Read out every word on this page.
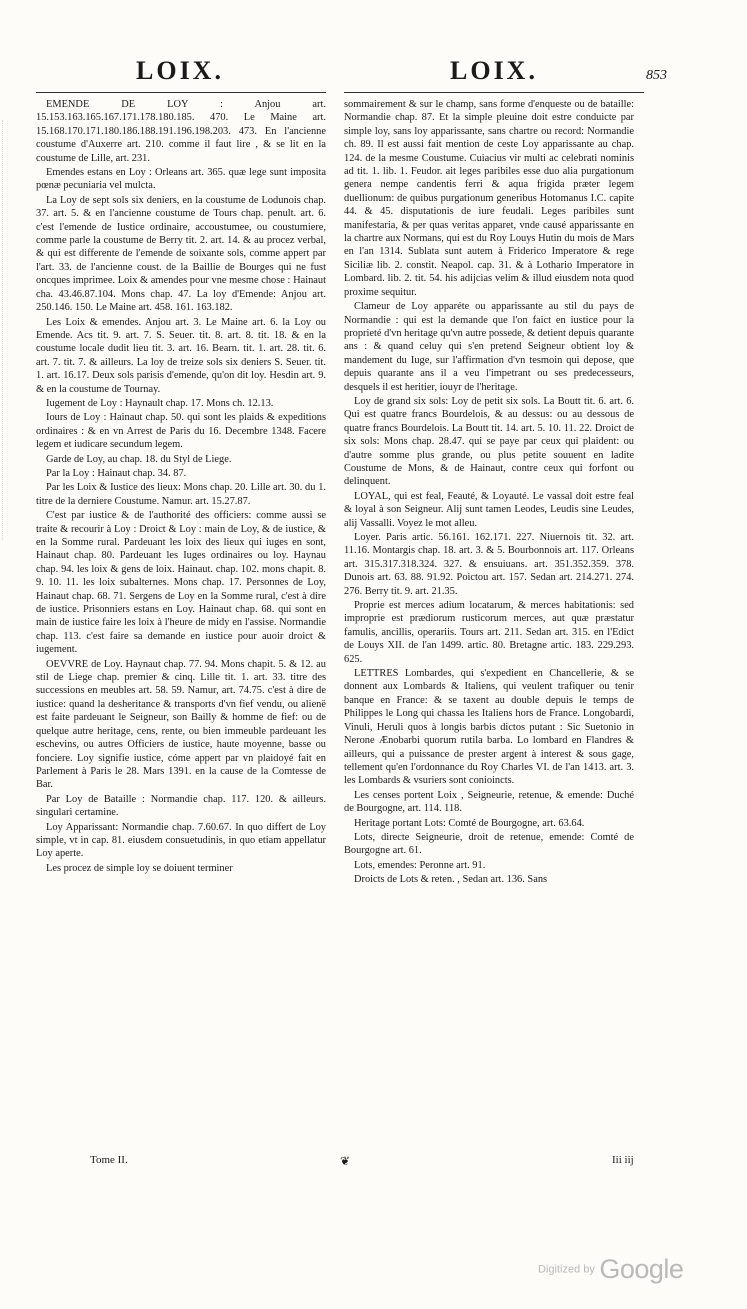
LOIX.	LOIX.	853

EMENDE DE LOY : Anjou art. 15.153.163.165.167.171.178.180.185. 470. Le Maine art. 15.168.170.171.180.186.188.191.196.198.203. 473. En l'ancienne coustume d'Auxerre art. 210. comme il faut lire , & se lit en la coustume de Lille, art. 231.

Emendes estans en Loy : Orleans art. 365. quæ lege sunt imposita pœnæ pecuniaria vel mulcta.

La Loy de sept sols six deniers, en la coustume de Lodunois chap. 37. art. 5. & en l'ancienne coustume de Tours chap. penult. art. 6. c'est l'emende de Iustice ordinaire, accoustumee, ou coustumiere, comme parle la coustume de Berry tit. 2. art. 14. & au procez verbal, & qui est differente de l'emende de soixante sols, comme appert par l'art. 33. de l'ancienne coust. de la Baillie de Bourges qui ne fust oncques imprimee. Loix & amendes pour vne mesme chose : Hainaut cha. 43.46.87.104. Mons chap. 47. La loy d'Emende: Anjou art. 250.146. 150. Le Maine art. 458. 161. 163.182.

Les Loix & emendes. Anjou art. 3. Le Maine art. 6. la Loy ou Emende. Acs tit. 9. art. 7. S. Seuer. tit. 8. art. 8. tit. 18. & en la coustume locale dudit lieu tit. 3. art. 16. Bearn. tit. 1. art. 28. tit. 6. art. 7. tit. 7. & ailleurs. La loy de treize sols six deniers S. Seuer. tit. 1. art. 16.17. Deux sols parisis d'emende, qu'on dit loy. Hesdin art. 9. & en la coustume de Tournay.

Iugement de Loy : Haynault chap. 17. Mons ch. 12.13.

Iours de Loy : Hainaut chap. 50. qui sont les plaids & expeditions ordinaires : & en vn Arrest de Paris du 16. Decembre 1348. Facere legem et iudicare secundum legem.

Garde de Loy, au chap. 18. du Styl de Liege.

Par la Loy : Hainaut chap. 34. 87.

Par les Loix & Iustice des lieux: Mons chap. 20. Lille art. 30. du 1. titre de la derniere Coustume. Namur. art. 15.27.87.

C'est par iustice & de l'authorité des officiers: comme aussi se traite & recourir à Loy : Droict & Loy : main de Loy, & de iustice, & en la Somme rural. Pardeuant les loix des lieux qui iuges en sont, Hainaut chap. 80. Pardeuant les Iuges ordinaires ou loy. Haynau chap. 94. les loix & gens de loix. Hainaut. chap. 102. mons chapit. 8. 9. 10. 11. les loix subalternes. Mons chap. 17. Personnes de Loy, Hainaut chap. 68. 71. Sergens de Loy en la Somme rural, c'est à dire de iustice. Prisonniers estans en Loy. Hainaut chap. 68. qui sont en main de iustice faire les loix à l'heure de midy en l'assise. Normandie chap. 113. c'est faire sa demande en iustice pour auoir droict & iugement.

OEVVRE de Loy. Haynaut chap. 77. 94. Mons chapit. 5. & 12. au stil de Liege chap. premier & cinq. Lille tit. 1. art. 33. titre des successions en meubles art. 58. 59. Namur, art. 74.75. c'est à dire de iustice: quand la desheritance & transports d'vn fief vendu, ou alienë est faite pardeuant le Seigneur, son Bailly & homme de fief: ou de quelque autre heritage, cens, rente, ou bien immeuble pardeuant les eschevins, ou autres Officiers de iustice, haute moyenne, basse ou fonciere. Loy signifie iustice, cóme appert par vn plaidoyé fait en Parlement à Paris le 28. Mars 1391. en la cause de la Comtesse de Bar.

Par Loy de Bataille : Normandie chap. 117. 120. & ailleurs. singulari certamine.

Loy Apparissant: Normandie chap. 7.60.67. In quo differt de Loy simple, vt in cap. 81. eiusdem consuetudinis, in quo etiam appellatur Loy aperte.

Les procez de simple loy se doiuent terminer

sommairement & sur le champ, sans forme d'enqueste ou de bataille: Normandie chap. 87. Et la simple pleuine doit estre conduicte par simple loy, sans loy apparissante, sans chartre ou record: Normandie ch. 89. Il est aussi fait mention de ceste Loy apparissante au chap. 124. de la mesme Coustume. Cuiacius vir multi ac celebrati nominis ad tit. 1. lib. 1. Feudor. ait leges paribiles esse duo alia purgationum genera nempe candentis ferri & aqua frigida præter legem duellionum: de quibus purgationum generibus Hotomanus I.C. capite 44. & 45. disputationis de iure feudali. Leges paribiles sunt manifestaria, & per quas veritas apparet, vnde causé apparissante en la chartre aux Normans, qui est du Roy Louys Hutin du mois de Mars en l'an 1314. Sublata sunt autem à Friderico Imperatore & rege Siciliæ lib. 2. constit. Neapol. cap. 31. & à Lothario Imperatore in Lombard. lib. 2. tit. 54. his adijcias velim & illud eiusdem nota quod proxime sequitur.

Clameur de Loy apparéte ou apparissante au stil du pays de Normandie : qui est la demande que l'on faict en iustice pour la proprieté d'vn heritage qu'vn autre possede, & detient depuis quarante ans : & quand celuy qui s'en pretend Seigneur obtient loy & mandement du Iuge, sur l'affirmation d'vn tesmoin qui depose, que depuis quarante ans il a veu l'impetrant ou ses predecesseurs, desquels il est heritier, iouyr de l'heritage.

Loy de grand six sols: Loy de petit six sols. La Boutt tit. 6. art. 6. Qui est quatre francs Bourdelois, & au dessus: ou au dessous de quatre francs Bourdelois. La Boutt tit. 14. art. 5. 10. 11. 22. Droict de six sols: Mons chap. 28.47. qui se paye par ceux qui plaident: ou d'autre somme plus grande, ou plus petite souuent en ladite Coustume de Mons, & de Hainaut, contre ceux qui forfont ou delinquent.

LOYAL, qui est feal, Feauté, & Loyauté. Le vassal doit estre feal & loyal à son Seigneur. Alij sunt tamen Leodes, Leudis sine Leudes, alij Vassalli. Voyez le mot alleu.

Loyer. Paris artic. 56.161. 162.171. 227. Niuernois tit. 32. art. 11.16. Montargis chap. 18. art. 3. & 5. Bourbonnois art. 117. Orleans art. 315.317.318.324. 327. & ensuiuans. art. 351.352.359. 378. Dunois art. 63. 88. 91.92. Poictou art. 157. Sedan art. 214.271. 274. 276. Berry tit. 9. art. 21.35.

Proprie est merces adium locatarum, & merces habitationis: sed improprie est prædiorum rusticorum merces, aut quæ præstatur famulis, ancillis, operariis. Tours art. 211. Sedan art. 315. en l'Edict de Louys XII. de l'an 1499. artic. 80. Bretagne artic. 183. 229.293. 625.

LETTRES Lombardes, qui s'expedient en Chancellerie, & se donnent aux Lombards & Italiens, qui veulent trafiquer ou tenir banque en France: & se taxent au double depuis le temps de Philippes le Long qui chassa les Italiens hors de France. Longobardi, Vinuli, Heruli quos à longis barbis dictos putant : Sic Suetonio in Nerone Ænobarbi quorum rutila barba. Lo lombard en Flandres & ailleurs, qui a puissance de prester argent à interest & sous gage, tellement qu'en l'ordonnance du Roy Charles VI. de l'an 1413. art. 3. les Lombards & vsuriers sont conioincts.

Les censes portent Loix , Seigneurie, retenue, & emende: Duché de Bourgogne, art. 114. 118.

Heritage portant Lots: Comté de Bourgogne, art. 63.64.

Lots, directe Seigneurie, droit de retenue, emende: Comté de Bourgogne art. 61.

Lots, emendes: Peronne art. 91.

Droicts de Lots & reten. , Sedan art. 136. Sans

Tome II.	❦	Iii iij
Digitized by Google
